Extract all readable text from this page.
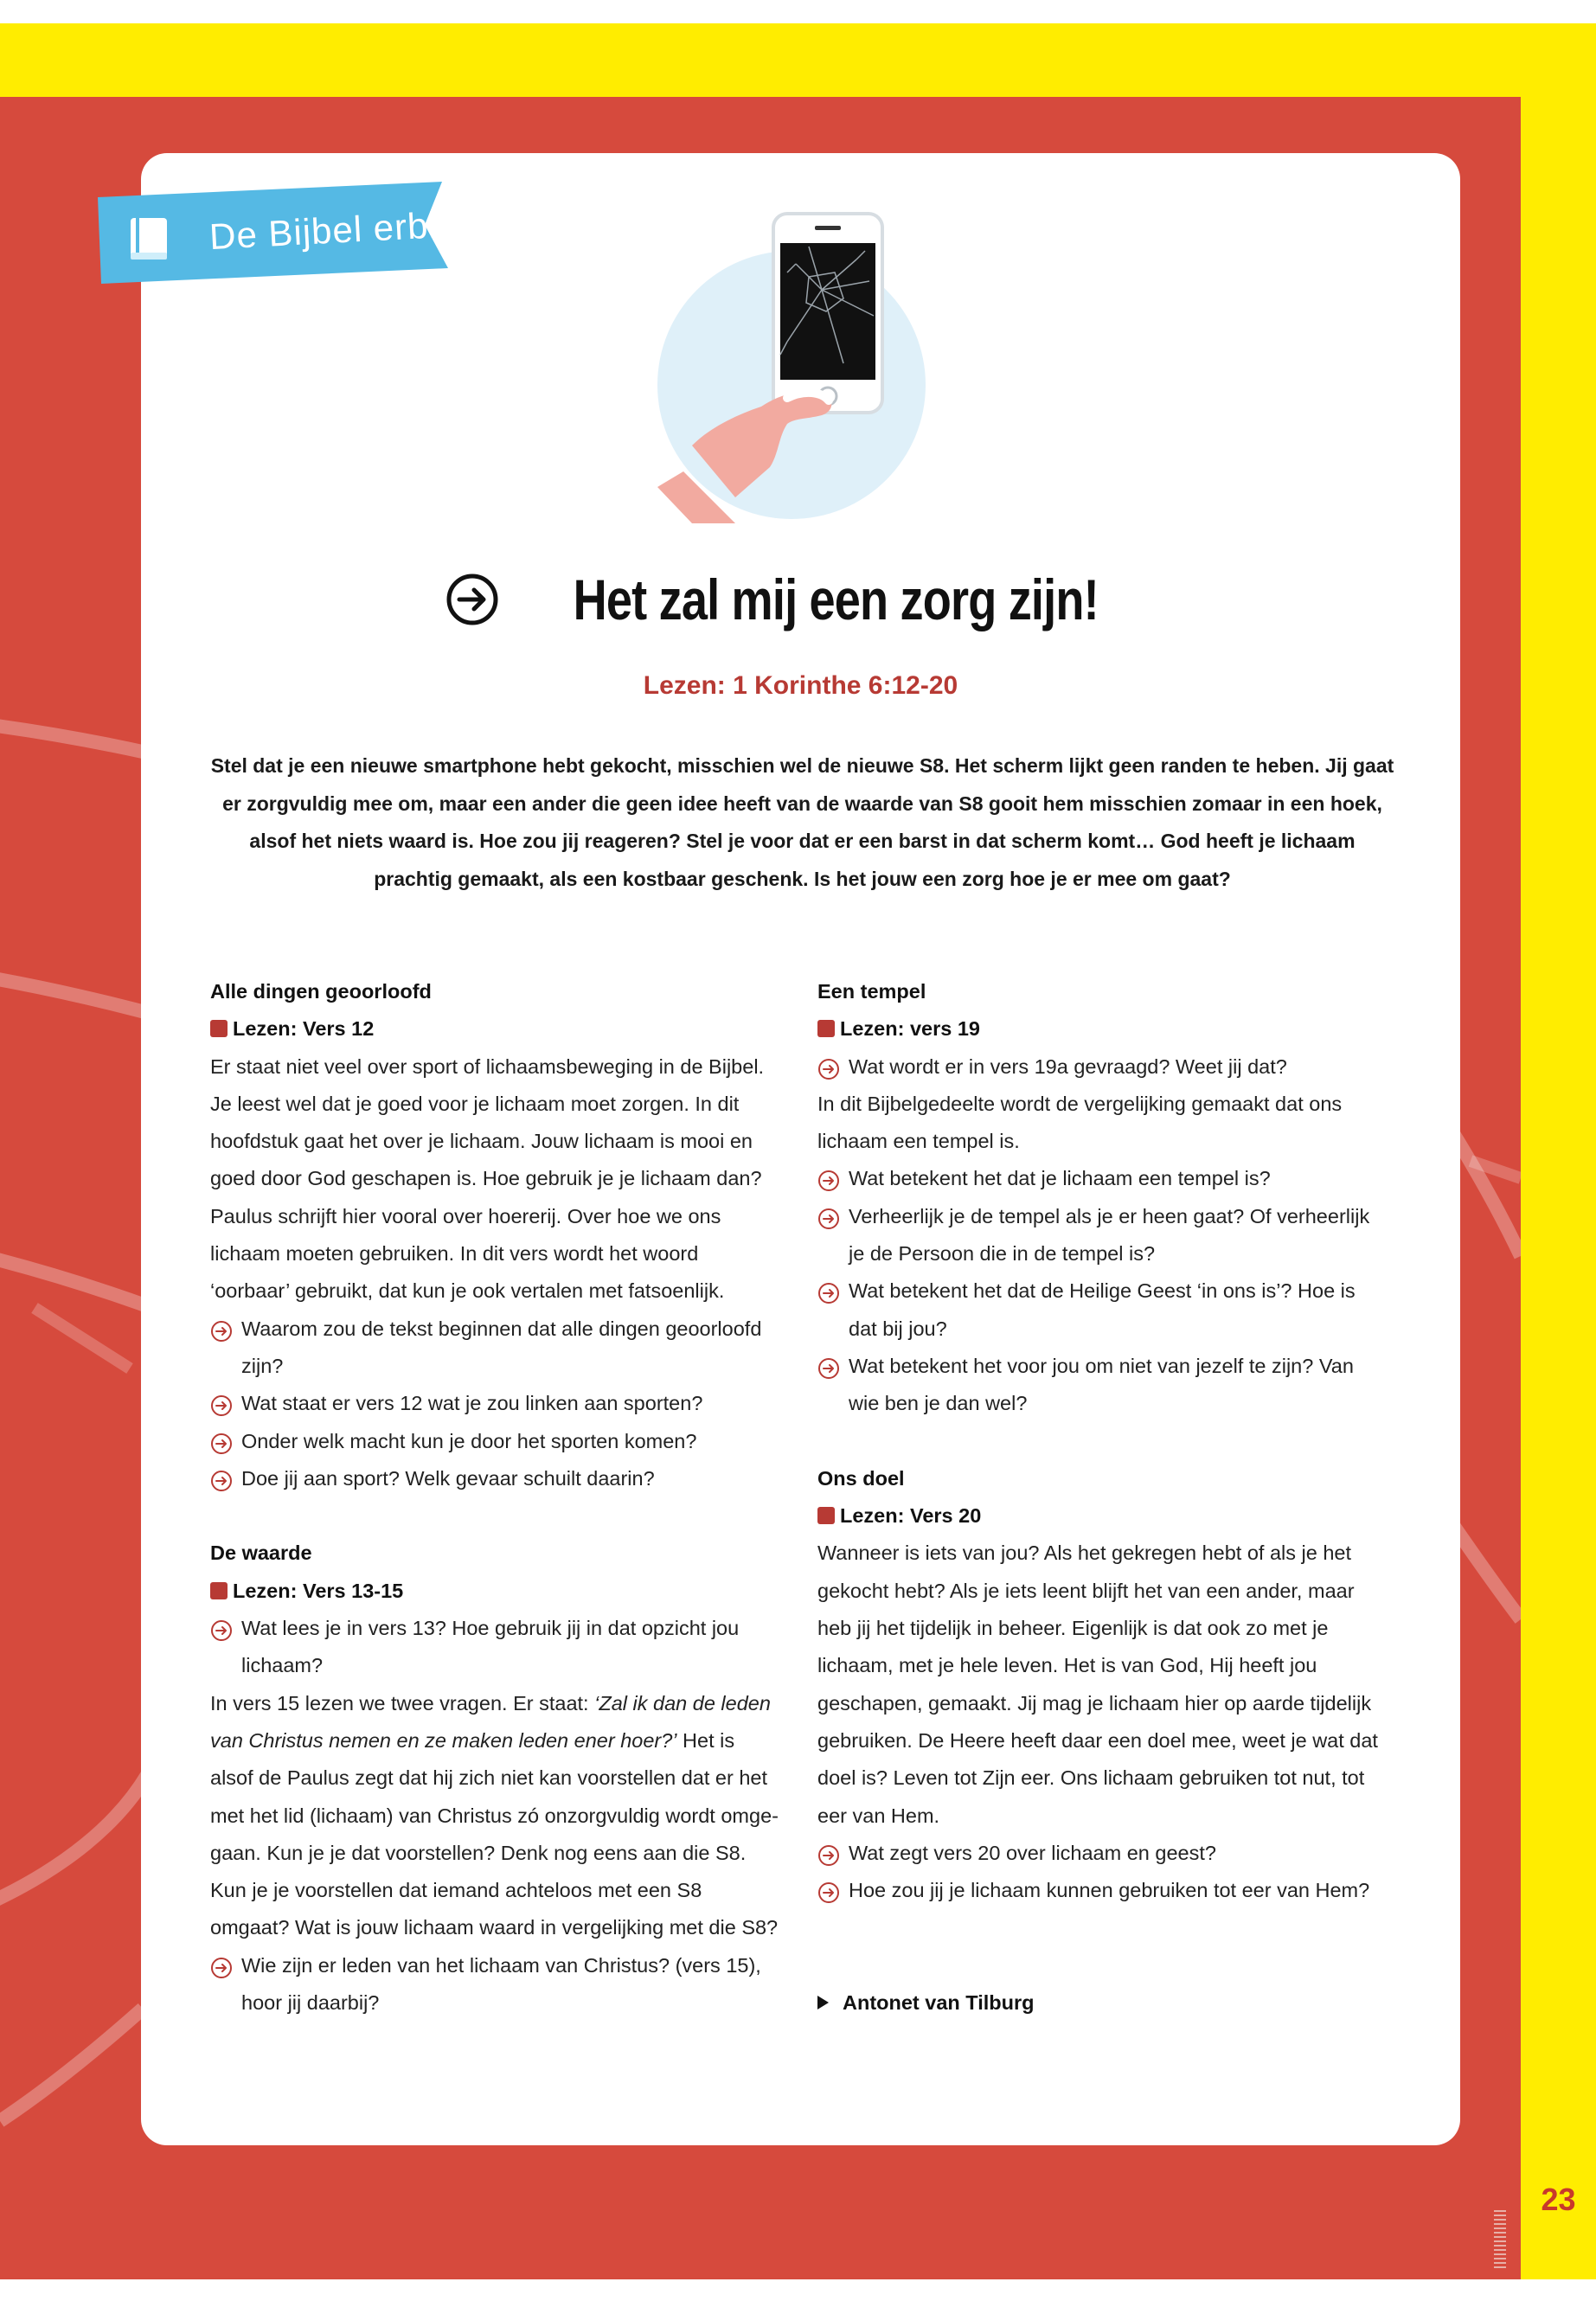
23
De Bijbel erbij
Het zal mij een zorg zijn!
Lezen: 1 Korinthe 6:12-20

Stel dat je een nieuwe smartphone hebt gekocht, misschien wel de nieuwe S8. Het scherm lijkt geen randen te heben. Jij gaat er zorgvuldig mee om, maar een ander die geen idee heeft van de waarde van S8 gooit hem misschien zomaar in een hoek, alsof het niets waard is. Hoe zou jij reageren? Stel je voor dat er een barst in dat scherm komt… God heeft je lichaam prachtig gemaakt, als een kostbaar geschenk. Is het jouw een zorg hoe je er mee om gaat?

Alle dingen geoorloofd

Lezen: Vers 12

Er staat niet veel over sport of lichaamsbeweging in de Bijbel. Je leest wel dat je goed voor je lichaam moet zorgen. In dit hoofdstuk gaat het over je lichaam. Jouw lichaam is mooi en goed door God geschapen is. Hoe gebruik je je lichaam dan? Paulus schrijft hier vooral over hoererij. Over hoe we ons lichaam moeten gebruiken. In dit vers wordt het woord ‘oorbaar’ gebruikt, dat kun je ook vertalen met fatsoenlijk.

Waarom zou de tekst beginnen dat alle dingen geoorloofd zijn?

Wat staat er vers 12 wat je zou linken aan sporten?

Onder welk macht kun je door het sporten komen?

Doe jij aan sport? Welk gevaar schuilt daarin?

De waarde

Lezen: Vers 13-15

Wat lees je in vers 13? Hoe gebruik jij in dat opzicht jou lichaam?

In vers 15 lezen we twee vragen. Er staat: ‘Zal ik dan de leden van Christus nemen en ze maken leden ener hoer?’ Het is alsof de Paulus zegt dat hij zich niet kan voorstellen dat er het met het lid (lichaam) van Christus zó onzorgvuldig wordt omgegaan. Kun je je dat voorstellen? Denk nog eens aan die S8. Kun je je voorstellen dat iemand achteloos met een S8 omgaat? Wat is jouw lichaam waard in vergelijking met die S8?

Wie zijn er leden van het lichaam van Christus? (vers 15), hoor jij daarbij?

Een tempel

Lezen: vers 19

Wat wordt er in vers 19a gevraagd? Weet jij dat?

In dit Bijbelgedeelte wordt de vergelijking gemaakt dat ons lichaam een tempel is.

Wat betekent het dat je lichaam een tempel is?

Verheerlijk je de tempel als je er heen gaat? Of verheerlijk je de Persoon die in de tempel is?

Wat betekent het dat de Heilige Geest ‘in ons is’? Hoe is dat bij jou?

Wat betekent het voor jou om niet van jezelf te zijn? Van wie ben je dan wel?

Ons doel

Lezen: Vers 20

Wanneer is iets van jou? Als het gekregen hebt of als je het gekocht hebt? Als je iets leent blijft het van een ander, maar heb jij het tijdelijk in beheer. Eigenlijk is dat ook zo met je lichaam, met je hele leven. Het is van God, Hij heeft jou geschapen, gemaakt. Jij mag je lichaam hier op aarde tijdelijk gebruiken. De Heere heeft daar een doel mee, weet je wat dat doel is? Leven tot Zijn eer. Ons lichaam gebruiken tot nut, tot eer van Hem.

Wat zegt vers 20 over lichaam en geest?

Hoe zou jij je lichaam kunnen gebruiken tot eer van Hem?

Antonet van Tilburg
